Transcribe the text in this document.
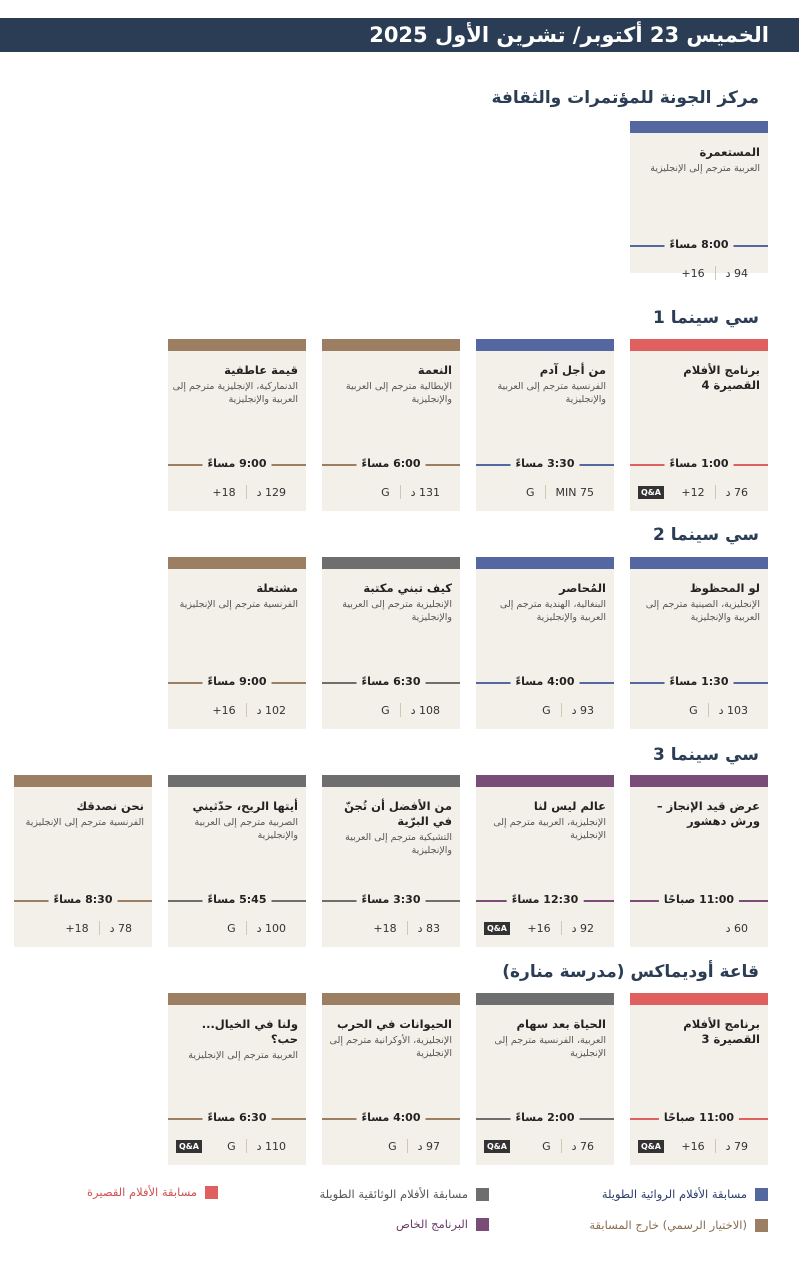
الخميس 23 أكتوبر/ تشرين الأول 2025
مركز الجونة للمؤتمرات والثقافة
المستعمرة
العربية مترجم إلى الإنجليزية
8:00 مساءً
94 د
16+
سي سينما 1
برنامج الأفلام القصيرة 4
1:00 مساءً
76 د
12+
Q&A
من أجل آدم
الفرنسية مترجم إلى العربية والإنجليزية
3:30 مساءً
75 MIN
G
النعمة
الإيطالية مترجم إلى العربية والإنجليزية
6:00 مساءً
131 د
G
قيمة عاطفية
الدنماركية، الإنجليزية مترجم إلى العربية والإنجليزية
9:00 مساءً
129 د
18+
سي سينما 2
لو المحظوظ
الإنجليزية، الصينية مترجم إلى العربية والإنجليزية
1:30 مساءً
103 د
G
المُحاصر
البنغالية، الهندية مترجم إلى العربية والإنجليزية
4:00 مساءً
93 د
G
كيف تبني مكتبة
الإنجليزية مترجم إلى العربية والإنجليزية
6:30 مساءً
108 د
G
مشتعلة
الفرنسية مترجم إلى الإنجليزية
9:00 مساءً
102 د
16+
سي سينما 3
عرض قيد الإنجاز – ورش دهشور
11:00 صباحًا
60 د
عالم ليس لنا
الإنجليزية، العربية مترجم إلى الإنجليزية
12:30 مساءً
92 د
16+
Q&A
من الأفضل أن تُجنّ في البرّية
التشيكية مترجم إلى العربية والإنجليزية
3:30 مساءً
83 د
18+
أيتها الريح، حدّثيني
الصربية مترجم إلى العربية والإنجليزية
5:45 مساءً
100 د
G
نحن نصدقك
الفرنسية مترجم إلى الإنجليزية
8:30 مساءً
78 د
18+
قاعة أوديماكس (مدرسة منارة)
برنامج الأفلام القصيرة 3
11:00 صباحًا
79 د
16+
Q&A
الحياة بعد سهام
العربية، الفرنسية مترجم إلى الإنجليزية
2:00 مساءً
76 د
G
Q&A
الحيوانات في الحرب
الإنجليزية، الأوكرانية مترجم إلى الإنجليزية
4:00 مساءً
97 د
G
ولنا في الخيال... حب؟
العربية مترجم إلى الإنجليزية
6:30 مساءً
110 د
G
Q&A
مسابقة الأفلام الروائية الطويلة
مسابقة الأفلام الوثائقية الطويلة
مسابقة الأفلام القصيرة
(الاختيار الرسمي) خارج المسابقة
البرنامج الخاص
